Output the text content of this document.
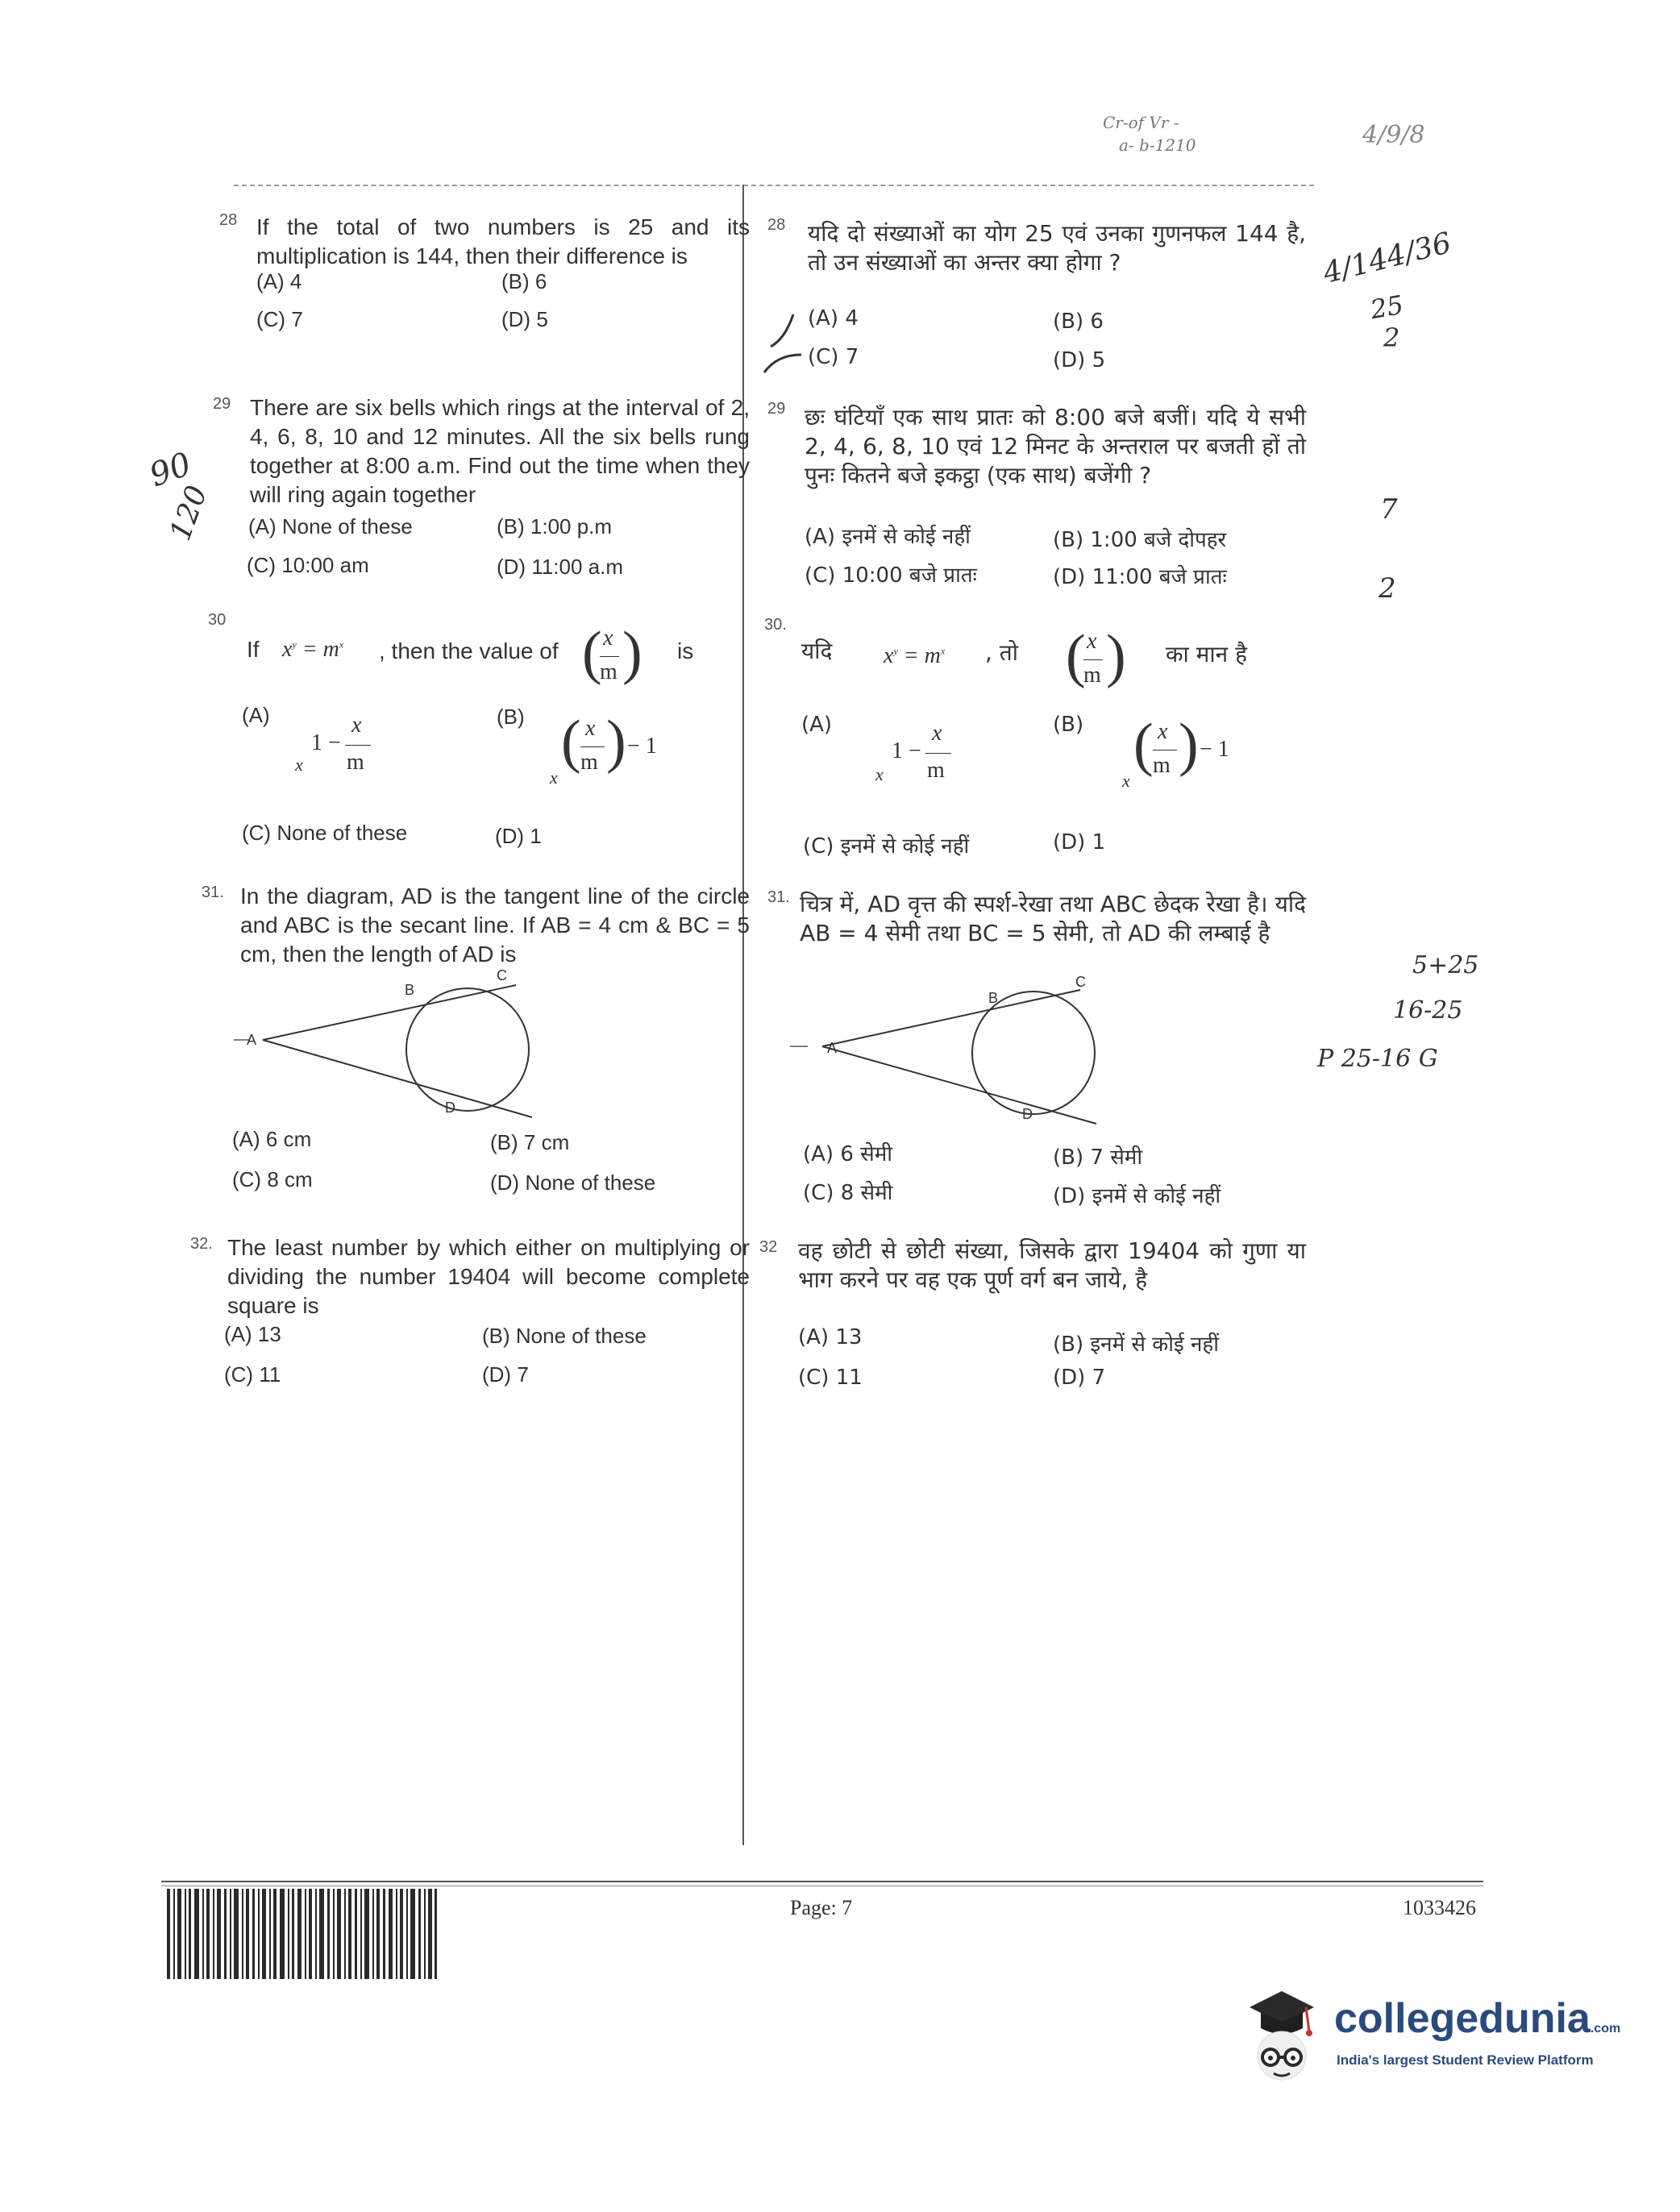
Cr-of Vr -
a- b-1210	4/9/8
28 If the total of two numbers is 25 and its multiplication is 144, then their difference is
(A) 4	(B) 6
(C) 7	(D) 5
28 यदि दो संख्याओं का योग 25 एवं उनका गुणनफल 144 है, तो उन संख्याओं का अन्तर क्या होगा ?
(A) 4	(B) 6
(C) 7	(D) 5
29 There are six bells which rings at the interval of 2, 4, 6, 8, 10 and 12 minutes. All the six bells rung together at 8:00 a.m. Find out the time when they will ring again together
(A) None of these	(B) 1:00 p.m
(C) 10:00 am	(D) 11:00 a.m
29 छः घंटियाँ एक साथ प्रातः को 8:00 बजे बजीं। यदि ये सभी 2, 4, 6, 8, 10 एवं 12 मिनट के अन्तराल पर बजती हों तो पुनः कितने बजे इकट्ठा (एक साथ) बजेंगी ?
(A) इनमें से कोई नहीं	(B) 1:00 बजे दोपहर
(C) 10:00 बजे प्रातः	(D) 11:00 बजे प्रातः
30
If $x^y = m^x$ , then the value of ( x
m ) is
(A)
1 −
x
m
x
(B) ( x
m ) − 1
x
(C) None of these	(D) 1
30.
यदि $x^y = m^x$ , तो ( x
m ) का मान है
(A)
1 −
x
m
x
(B) ( x
m ) − 1
x
(C) इनमें से कोई नहीं	(D) 1
31. In the diagram, AD is the tangent line of the circle and ABC is the secant line. If AB = 4 cm & BC = 5 cm, then the length of AD is
A
B
C
D
(A) 6 cm	(B) 7 cm
(C) 8 cm	(D) None of these
31. चित्र में, AD वृत्त की स्पर्श-रेखा तथा ABC छेदक रेखा है। यदि AB = 4 सेमी तथा BC = 5 सेमी, तो AD की लम्बाई है
A
B
C
D
(A) 6 सेमी	(B) 7 सेमी
(C) 8 सेमी	(D) इनमें से कोई नहीं
32. The least number by which either on multiplying or dividing the number 19404 will become complete square is
(A) 13	(B) None of these
(C) 11	(D) 7
32 वह छोटी से छोटी संख्या, जिसके द्वारा 19404 को गुणा या भाग करने पर वह एक पूर्ण वर्ग बन जाये, है
(A) 13	(B) इनमें से कोई नहीं
(C) 11	(D) 7
4/144/36
25
2
90
120	7
2
5+25
16-25
P 25-16 G
Page: 7	1033426
collegedunia.com
India's largest Student Review Platform
